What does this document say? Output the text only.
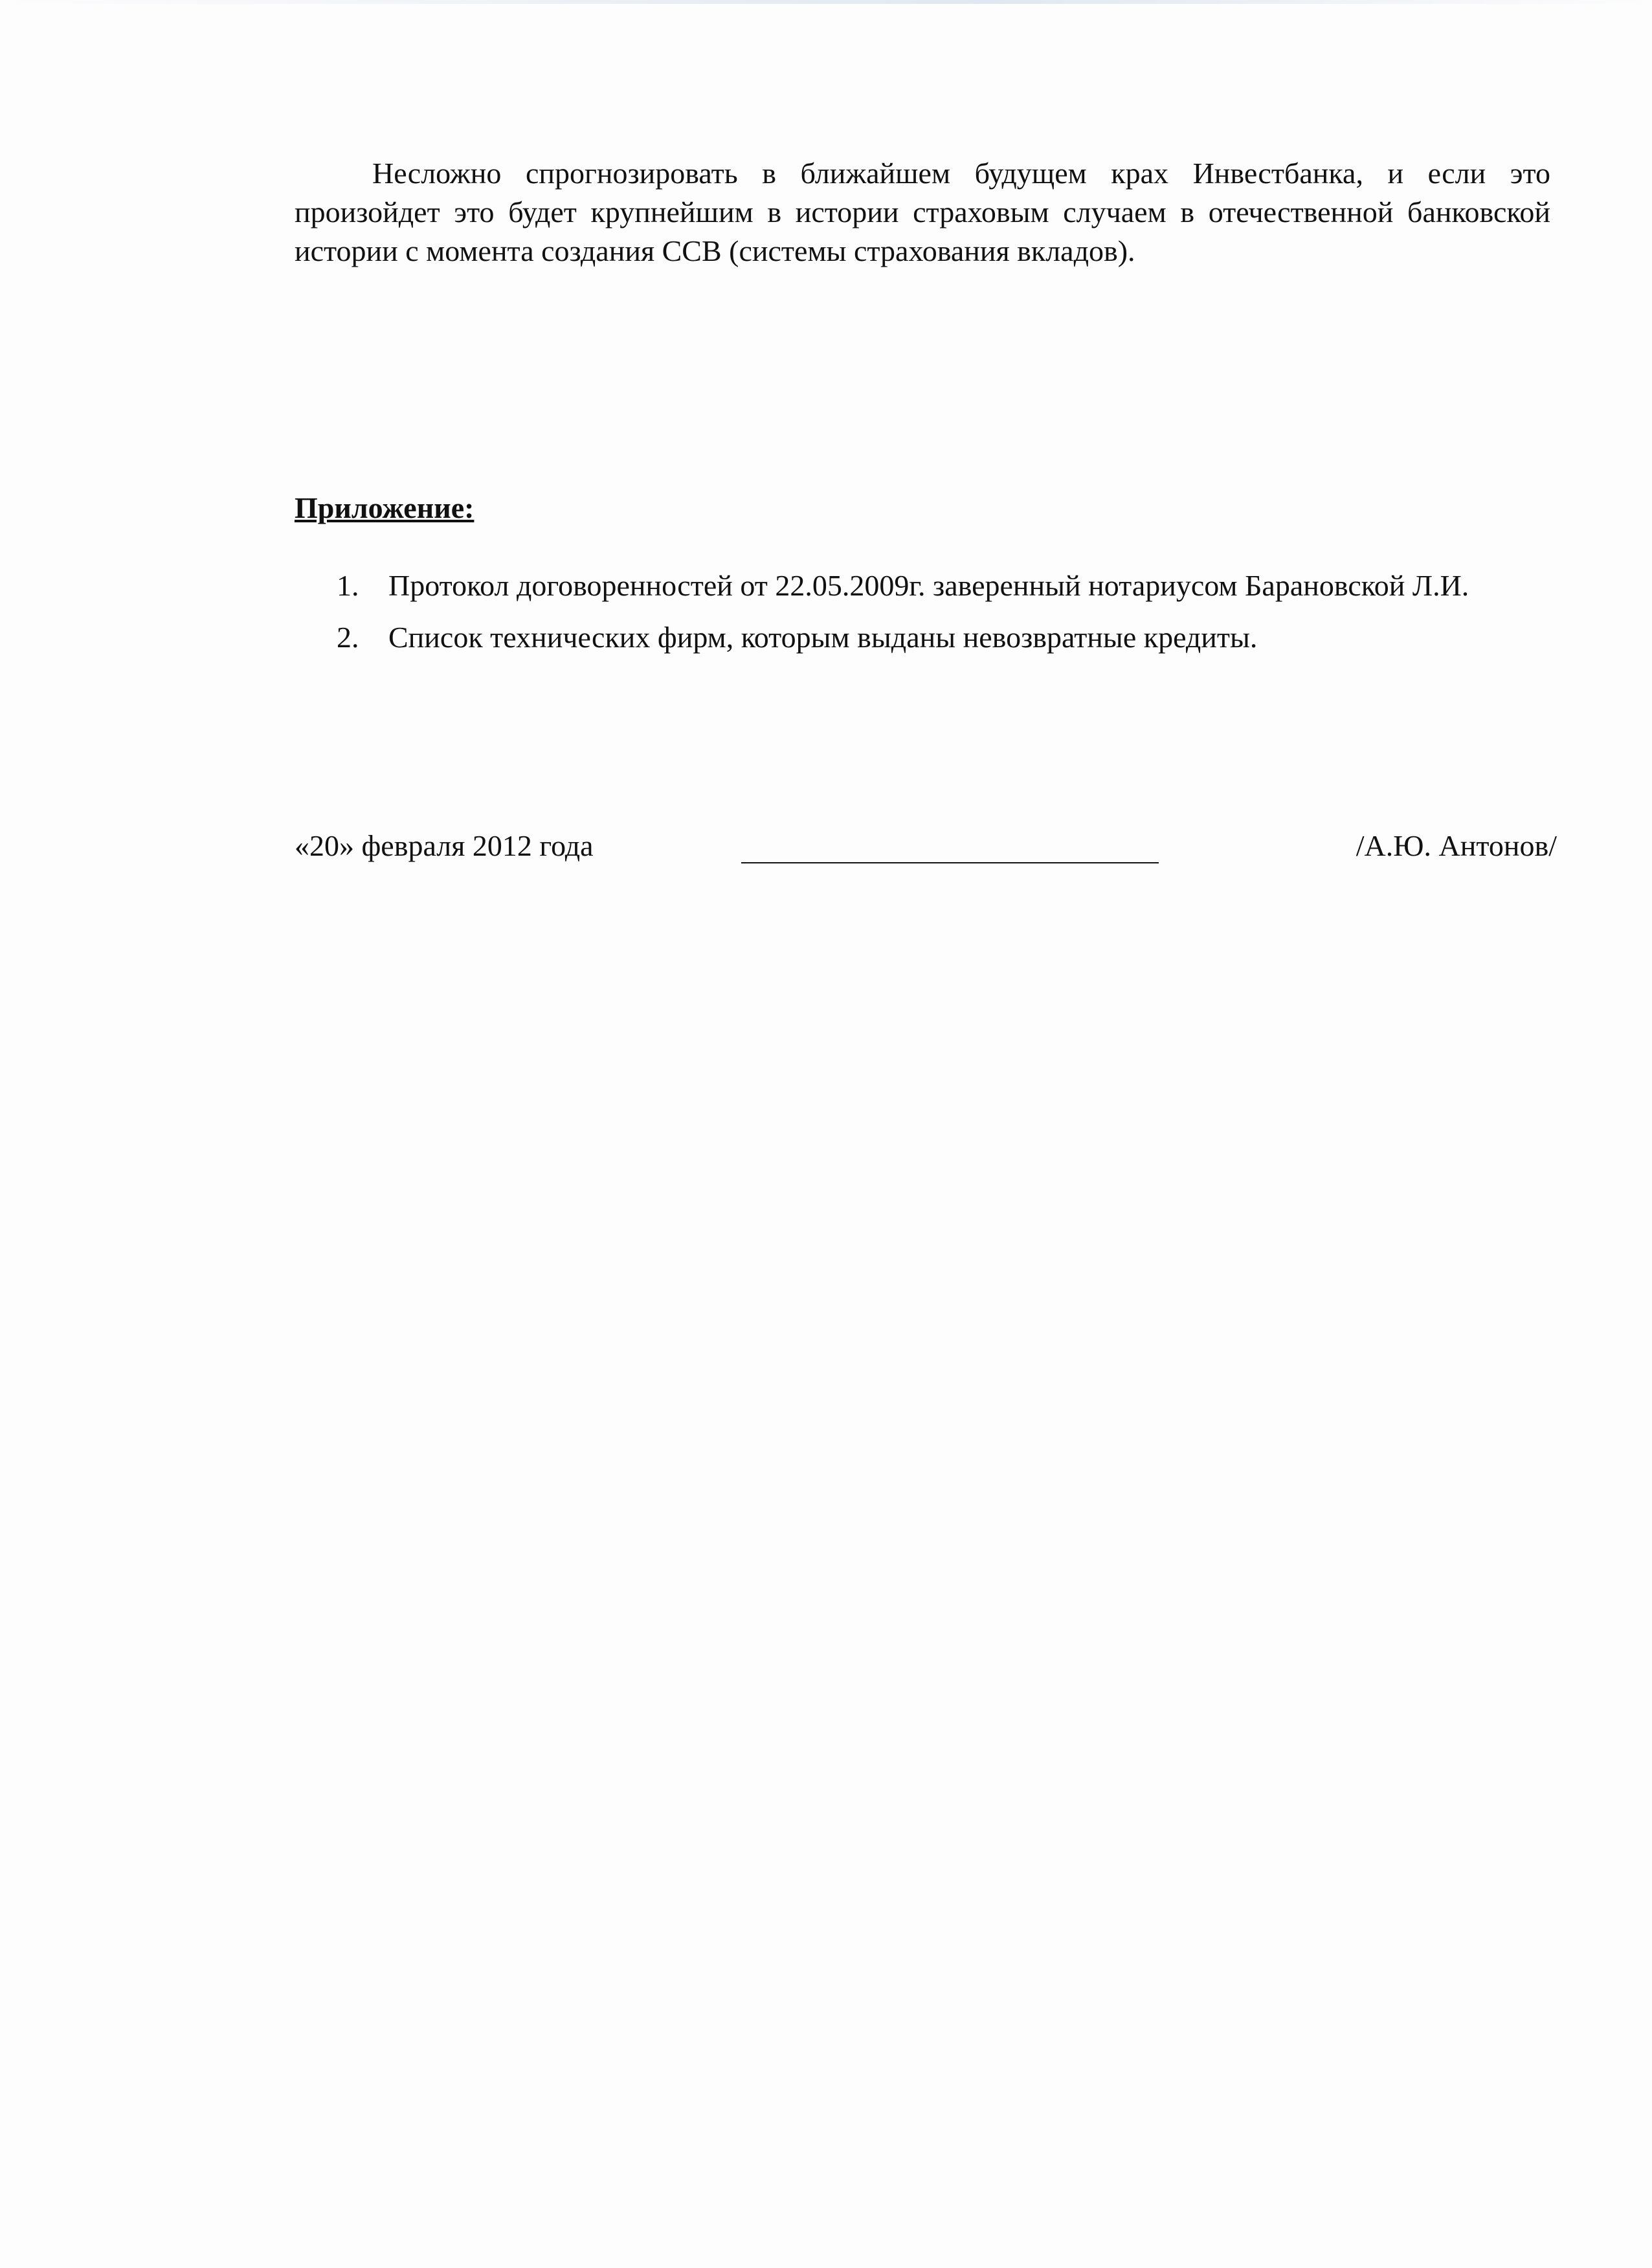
Несложно спрогнозировать в ближайшем будущем крах Инвестбанка, и если это произойдет это будет крупнейшим в истории страховым случаем в отечественной банковской истории с момента создания ССВ (системы страхования вкладов).

Приложение:

1. Протокол договоренностей от 22.05.2009г. заверенный нотариусом Барановской Л.И.
2. Список технических фирм, которым выданы невозвратные кредиты.
«20» февраля 2012 года	/А.Ю. Антонов/
